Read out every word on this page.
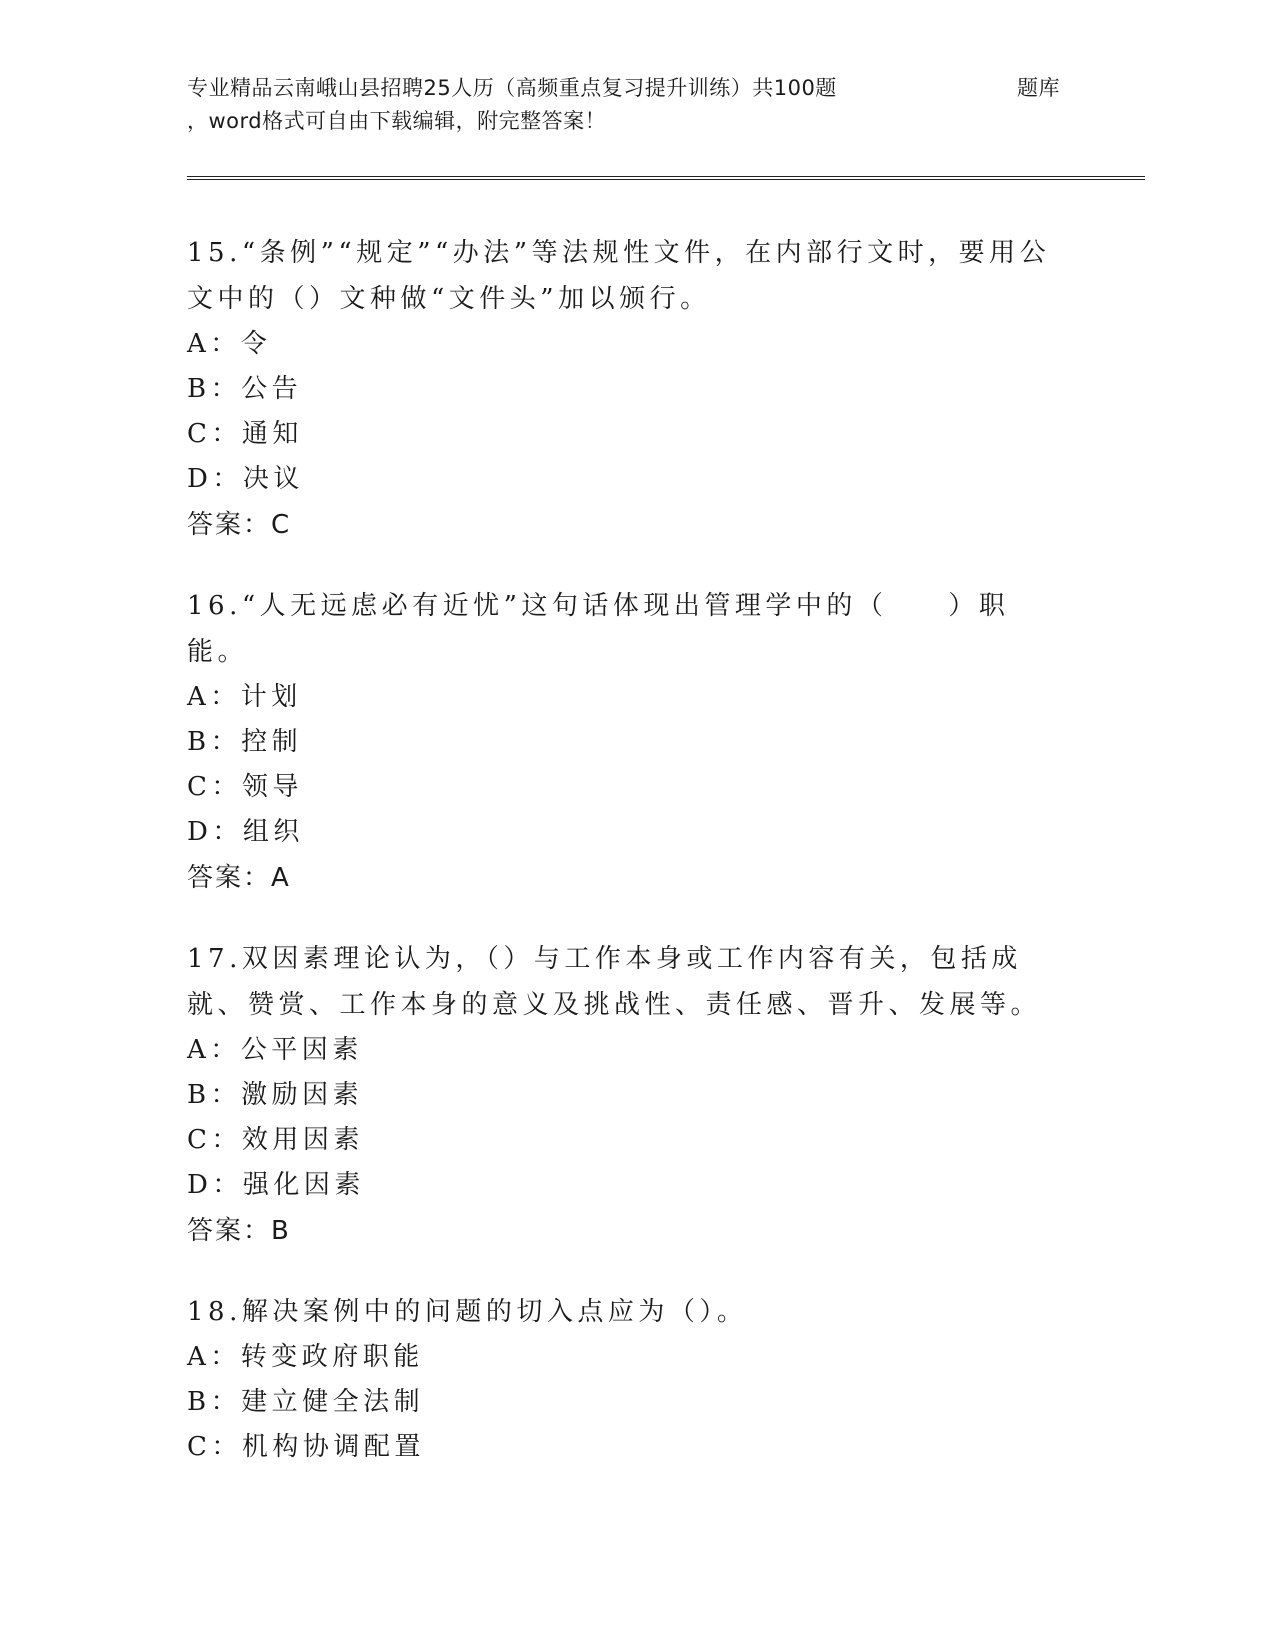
专业精品云南峨山县招聘25人历（高频重点复习提升训练）共100题	题库
，word格式可自由下载编辑，附完整答案！

15.“条例”“规定”“办法”等法规性文件，在内部行文时，要用公文中的（）文种做“文件头”加以颁行。

A：令

B：公告

C：通知

D：决议

答案：C

16.“人无远虑必有近忧”这句话体现出管理学中的（　　）职能。

A：计划

B：控制

C：领导

D：组织

答案：A

17.双因素理论认为，（）与工作本身或工作内容有关，包括成就、赞赏、工作本身的意义及挑战性、责任感、晋升、发展等。

A：公平因素

B：激励因素

C：效用因素

D：强化因素

答案：B

18.解决案例中的问题的切入点应为（）。

A：转变政府职能

B：建立健全法制

C：机构协调配置
